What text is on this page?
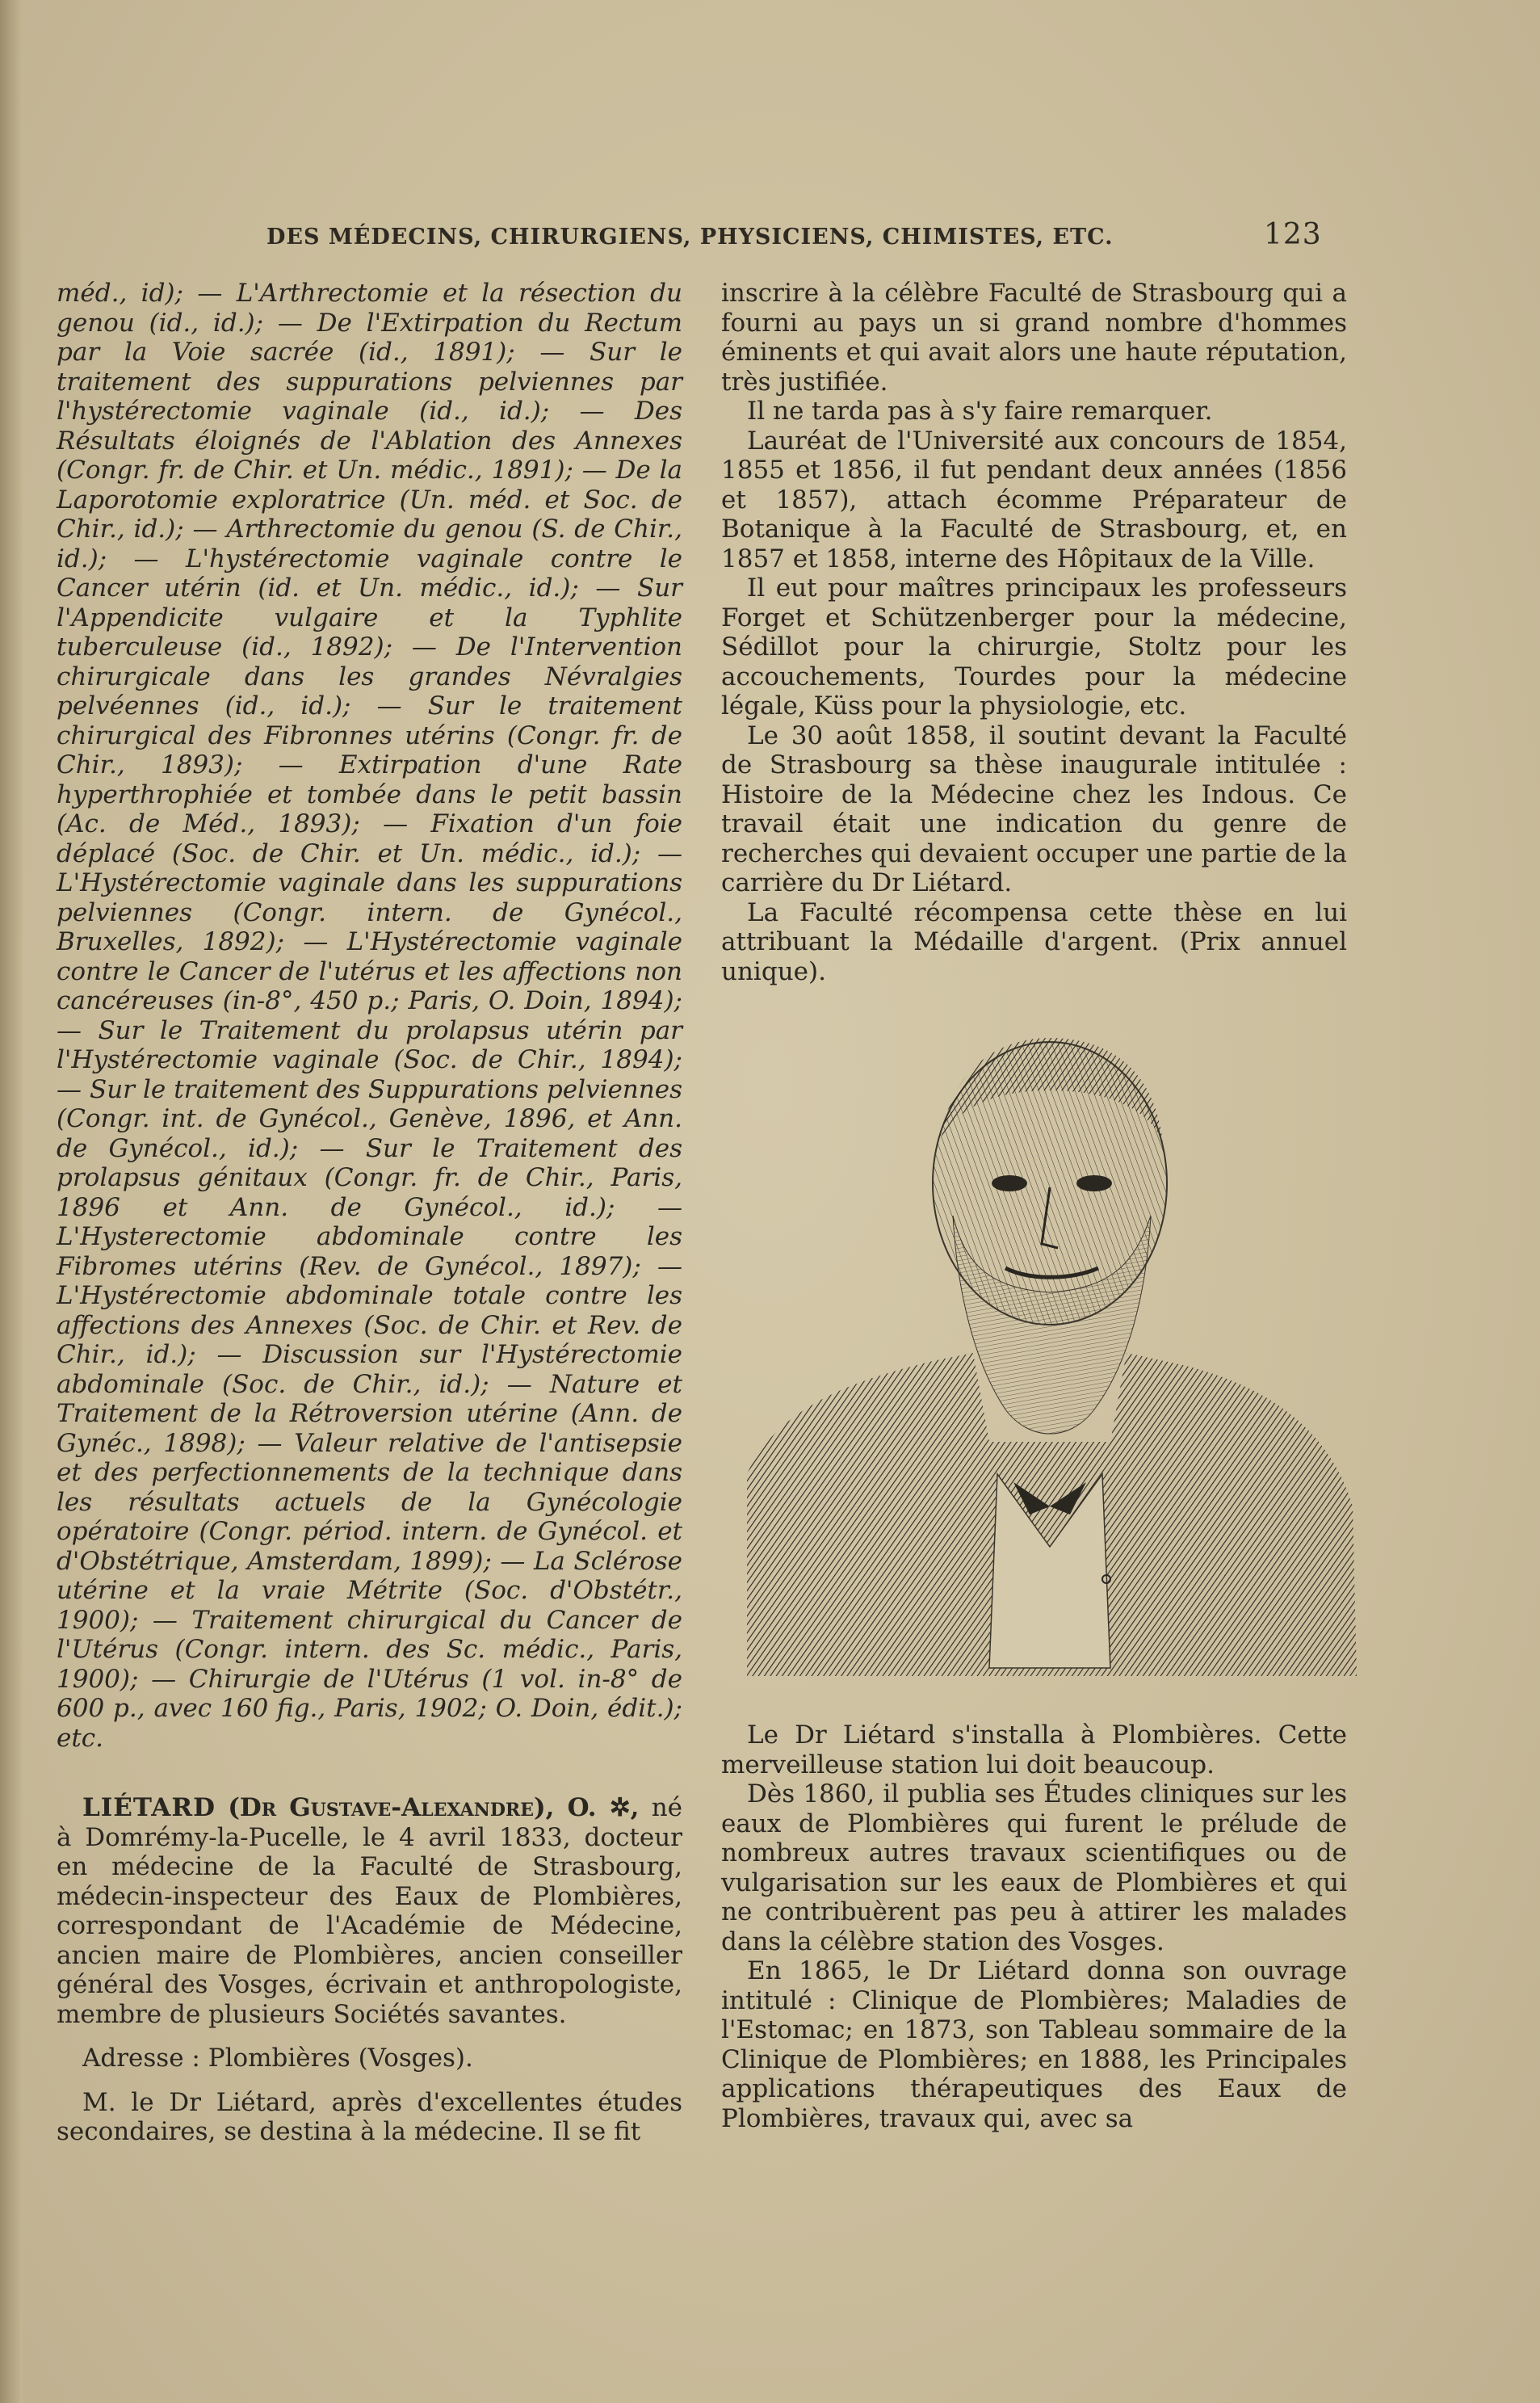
DES MÉDECINS, CHIRURGIENS, PHYSICIENS, CHIMISTES, ETC.	123

méd., id); — L'Arthrectomie et la résection du genou (id., id.); — De l'Extirpation du Rectum par la Voie sacrée (id., 1891); — Sur le traitement des suppurations pelviennes par l'hystérectomie vaginale (id., id.); — Des Résultats éloignés de l'Ablation des Annexes (Congr. fr. de Chir. et Un. médic., 1891); — De la Laporotomie exploratrice (Un. méd. et Soc. de Chir., id.); — Arthrectomie du genou (S. de Chir., id.); — L'hystérectomie vaginale contre le Cancer utérin (id. et Un. médic., id.); — Sur l'Appendicite vulgaire et la Typhlite tuberculeuse (id., 1892); — De l'Intervention chirurgicale dans les grandes Névralgies pelvéennes (id., id.); — Sur le traitement chirurgical des Fibronnes utérins (Congr. fr. de Chir., 1893); — Extirpation d'une Rate hyperthrophiée et tombée dans le petit bassin (Ac. de Méd., 1893); — Fixation d'un foie déplacé (Soc. de Chir. et Un. médic., id.); — L'Hystérectomie vaginale dans les suppurations pelviennes (Congr. intern. de Gynécol., Bruxelles, 1892); — L'Hystérectomie vaginale contre le Cancer de l'utérus et les affections non cancéreuses (in-8°, 450 p.; Paris, O. Doin, 1894); — Sur le Traitement du prolapsus utérin par l'Hystérectomie vaginale (Soc. de Chir., 1894); — Sur le traitement des Suppurations pelviennes (Congr. int. de Gynécol., Genève, 1896, et Ann. de Gynécol., id.); — Sur le Traitement des prolapsus génitaux (Congr. fr. de Chir., Paris, 1896 et Ann. de Gynécol., id.); — L'Hysterectomie abdominale contre les Fibromes utérins (Rev. de Gynécol., 1897); — L'Hystérectomie abdominale totale contre les affections des Annexes (Soc. de Chir. et Rev. de Chir., id.); — Discussion sur l'Hystérectomie abdominale (Soc. de Chir., id.); — Nature et Traitement de la Rétroversion utérine (Ann. de Gynéc., 1898); — Valeur relative de l'antisepsie et des perfectionnements de la technique dans les résultats actuels de la Gynécologie opératoire (Congr. périod. intern. de Gynécol. et d'Obstétrique, Amsterdam, 1899); — La Sclérose utérine et la vraie Métrite (Soc. d'Obstétr., 1900); — Traitement chirurgical du Cancer de l'Utérus (Congr. intern. des Sc. médic., Paris, 1900); — Chirurgie de l'Utérus (1 vol. in-8° de 600 p., avec 160 fig., Paris, 1902; O. Doin, édit.); etc.

LIÉTARD (Dr Gustave-Alexandre), O. ✲, né à Domrémy-la-Pucelle, le 4 avril 1833, docteur en médecine de la Faculté de Strasbourg, médecin-inspecteur des Eaux de Plombières, correspondant de l'Académie de Médecine, ancien maire de Plombières, ancien conseiller général des Vosges, écrivain et anthropologiste, membre de plusieurs Sociétés savantes.

Adresse : Plombières (Vosges).

M. le Dr Liétard, après d'excellentes études secondaires, se destina à la médecine. Il se fit

inscrire à la célèbre Faculté de Strasbourg qui a fourni au pays un si grand nombre d'hommes éminents et qui avait alors une haute réputation, très justifiée.

Il ne tarda pas à s'y faire remarquer.

Lauréat de l'Université aux concours de 1854, 1855 et 1856, il fut pendant deux années (1856 et 1857), attach écomme Préparateur de Botanique à la Faculté de Strasbourg, et, en 1857 et 1858, interne des Hôpitaux de la Ville.

Il eut pour maîtres principaux les professeurs Forget et Schützenberger pour la médecine, Sédillot pour la chirurgie, Stoltz pour les accouchements, Tourdes pour la médecine légale, Küss pour la physiologie, etc.

Le 30 août 1858, il soutint devant la Faculté de Strasbourg sa thèse inaugurale intitulée : Histoire de la Médecine chez les Indous. Ce travail était une indication du genre de recherches qui devaient occuper une partie de la carrière du Dr Liétard.

La Faculté récompensa cette thèse en lui attribuant la Médaille d'argent. (Prix annuel unique).

Le Dr Liétard s'installa à Plombières. Cette merveilleuse station lui doit beaucoup.

Dès 1860, il publia ses Études cliniques sur les eaux de Plombières qui furent le prélude de nombreux autres travaux scientifiques ou de vulgarisation sur les eaux de Plombières et qui ne contribuèrent pas peu à attirer les malades dans la célèbre station des Vosges.

En 1865, le Dr Liétard donna son ouvrage intitulé : Clinique de Plombières; Maladies de l'Estomac; en 1873, son Tableau sommaire de la Clinique de Plombières; en 1888, les Principales applications thérapeutiques des Eaux de Plombières, travaux qui, avec sa
